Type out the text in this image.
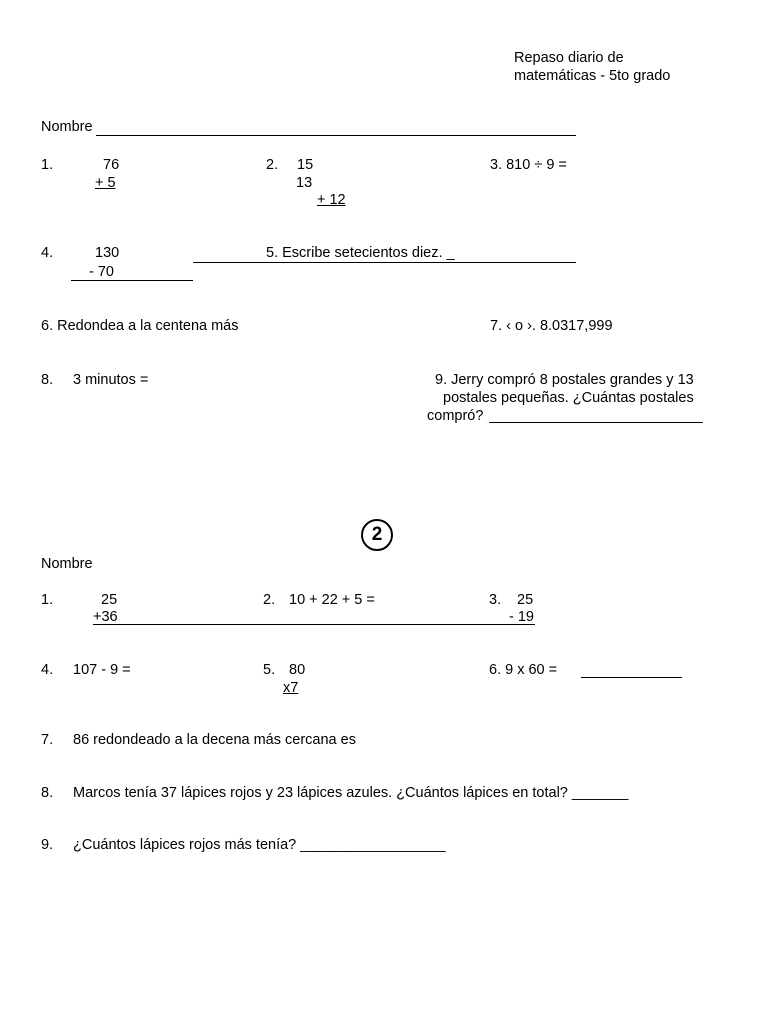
Repaso diario de
matemáticas - 5to grado
Nombre
1.	76
+ 5
2. 15
13
+ 12
3. 810 ÷ 9 =
4.	130
- 70
5. Escribe setecientos diez. _
6. Redondea a la centena más	7. ‹ o ›. 8.0317,999
8. 3 minutos =	9. Jerry compró 8 postales grandes y 13
postales pequeñas. ¿Cuántas postales
compró?
2
Nombre
1.	25
+36
2. 10 + 22 + 5 =	3. 25
- 19
4. 107 - 9 =	5. 80
x7
6. 9 x 60 =
7. 86 redondeado a la decena más cercana es
8. Marcos tenía 37 lápices rojos y 23 lápices azules. ¿Cuántos lápices en total? _______
9. ¿Cuántos lápices rojos más tenía? __________________
